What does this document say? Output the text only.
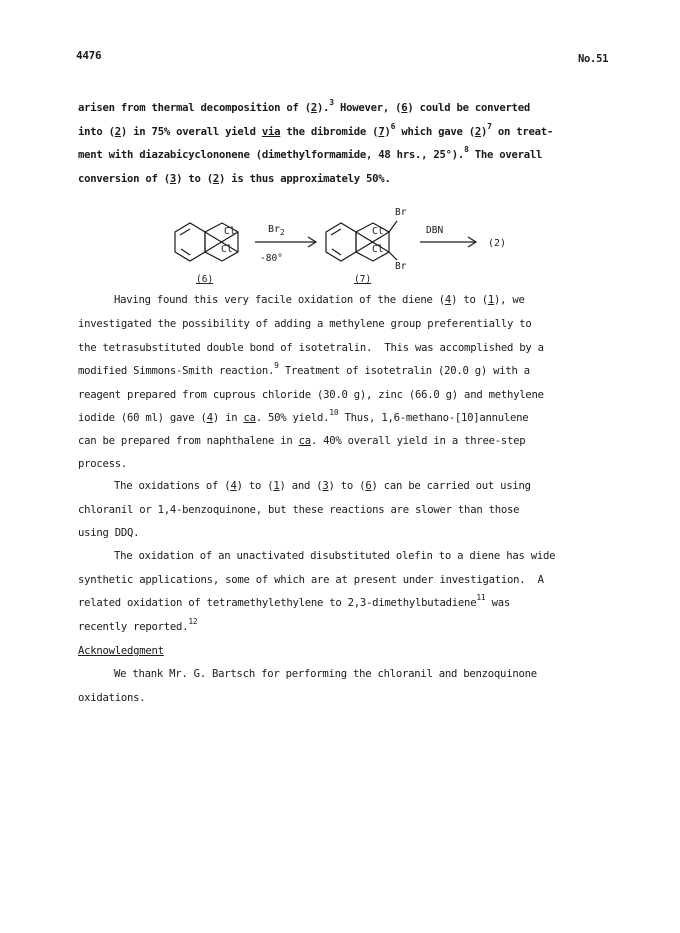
4476	No.51
arisen from thermal decomposition of (2).$^3$ However, (6) could be converted
into (2) in 75% overall yield via the dibromide $(7)^6$ which gave $(2)^7$ on treat-
ment with diazabicyclononene (dimethylformamide, 48 hrs., 25°).$^8$ The overall
conversion of (3) to (2) is thus approximately 50%.
Cl
Cl
$Br_2$
-80°
(6)
Cl
Cl
Br
Br
DBN
(2)
(7)
Having found this very facile oxidation of the diene (4) to (1), we
investigated the possibility of adding a methylene group preferentially to
the tetrasubstituted double bond of isotetralin.  This was accomplished by a
modified Simmons-Smith reaction.$^9$ Treatment of isotetralin (20.0 g) with a
reagent prepared from cuprous chloride (30.0 g), zinc (66.0 g) and methylene
iodide (60 ml) gave (4) in ca. 50% yield.$^{10}$ Thus, 1,6-methano-[10]annulene
can be prepared from naphthalene in ca. 40% overall yield in a three-step
process.
The oxidations of (4) to (1) and (3) to (6) can be carried out using
chloranil or 1,4-benzoquinone, but these reactions are slower than those
using DDQ.
The oxidation of an unactivated disubstituted olefin to a diene has wide
synthetic applications, some of which are at present under investigation.  A
related oxidation of tetramethylethylene to 2,3-dimethylbutadiene$^{11}$ was
recently reported.$^{12}$
Acknowledgment
We thank Mr. G. Bartsch for performing the chloranil and benzoquinone
oxidations.
